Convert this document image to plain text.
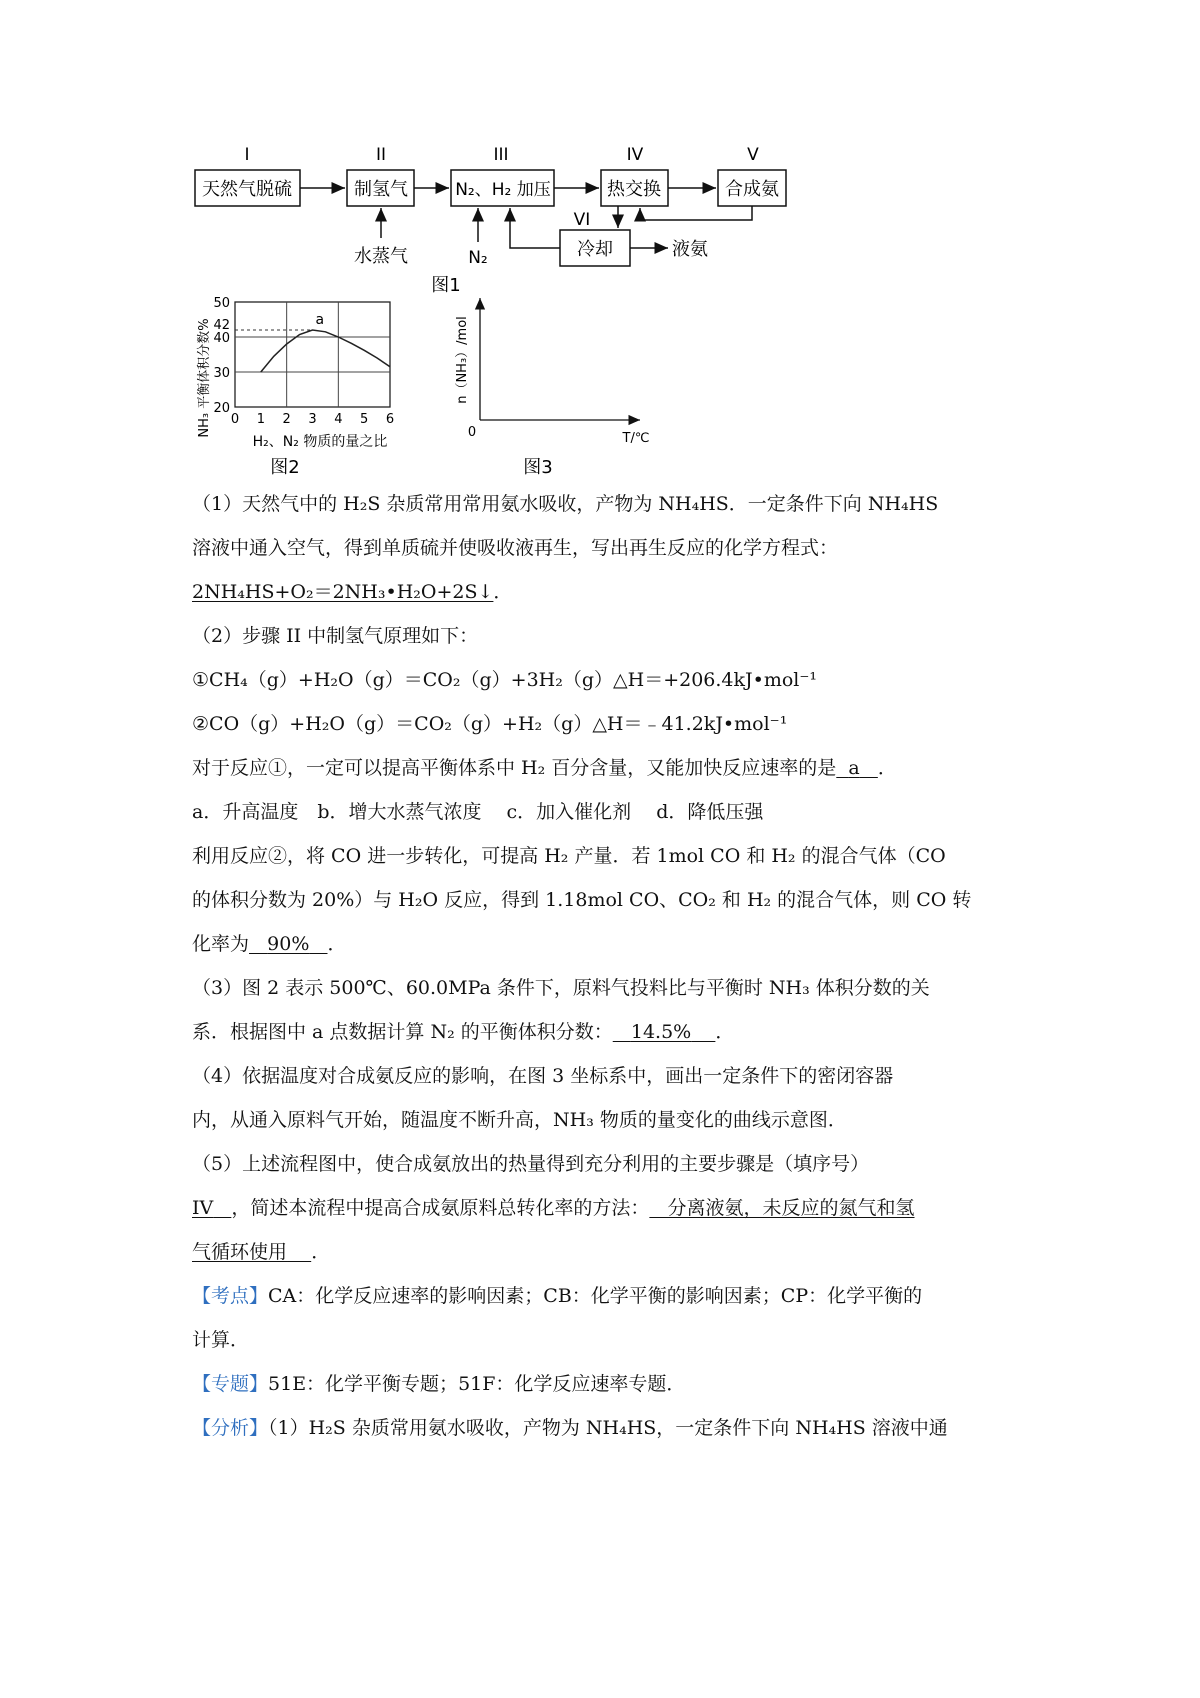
I	II	III	IV	V
VI
天然气脱硫	制氢气	N₂、H₂ 加压	热交换	合成氨
冷却
水蒸气	N₂	液氨
图1
0 1 2 3 4 5 6
20
30
40
42
50
a
NH₃ 平衡体积分数%
H₂、N₂ 物质的量之比
图2
0
n（NH₃）/mol
T/℃
图3
（1）天然气中的 H₂S 杂质常用常用氨水吸收，产物为 NH₄HS．一定条件下向 NH₄HS
溶液中通入空气，得到单质硫并使吸收液再生，写出再生反应的化学方程式：
2NH₄HS+O₂＝2NH₃•H₂O+2S↓．
（2）步骤 II 中制氢气原理如下：
①CH₄（g）+H₂O（g）＝CO₂（g）+3H₂（g）△H＝+206.4kJ•mol⁻¹
②CO（g）+H₂O（g）＝CO₂（g）+H₂（g）△H＝﹣41.2kJ•mol⁻¹
对于反应①，一定可以提高平衡体系中 H₂ 百分含量，又能加快反应速率的是 a ．
a．升高温度　b．增大水蒸气浓度　 c．加入催化剂　 d．降低压强
利用反应②，将 CO 进一步转化，可提高 H₂ 产量．若 1mol CO 和 H₂ 的混合气体（CO
的体积分数为 20%）与 H₂O 反应，得到 1.18mol CO、CO₂ 和 H₂ 的混合气体，则 CO 转
化率为 90% ．
（3）图 2 表示 500℃、60.0MPa 条件下，原料气投料比与平衡时 NH₃ 体积分数的关
系．根据图中 a 点数据计算 N₂ 的平衡体积分数： 14.5% ．
（4）依据温度对合成氨反应的影响，在图 3 坐标系中，画出一定条件下的密闭容器
内，从通入原料气开始，随温度不断升高，NH₃ 物质的量变化的曲线示意图．
（5）上述流程图中，使合成氨放出的热量得到充分利用的主要步骤是（填序号）
IV ，简述本流程中提高合成氨原料总转化率的方法： 分离液氨，未反应的氮气和氢
气循环使用 ．
【考点】CA：化学反应速率的影响因素；CB：化学平衡的影响因素；CP：化学平衡的
计算．
【专题】51E：化学平衡专题；51F：化学反应速率专题．
【分析】（1）H₂S 杂质常用氨水吸收，产物为 NH₄HS，一定条件下向 NH₄HS 溶液中通
